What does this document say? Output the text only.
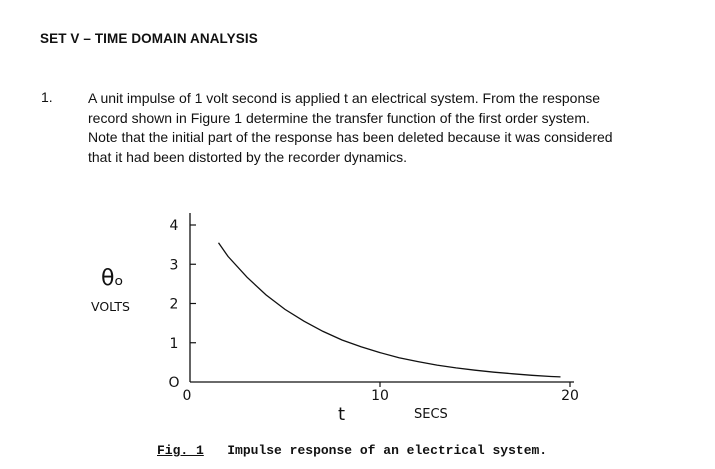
SET V – TIME DOMAIN ANALYSIS
1.	A unit impulse of 1 volt second is applied t an electrical system. From the response
record shown in Figure 1 determine the transfer function of the first order system.
Note that the initial part of the response has been deleted because it was considered
that it had been distorted by the recorder dynamics.
O
1
2
3
4
0	10	20
θₒ
VOLTS
t	SECS
Fig. 1 Impulse response of an electrical system.
